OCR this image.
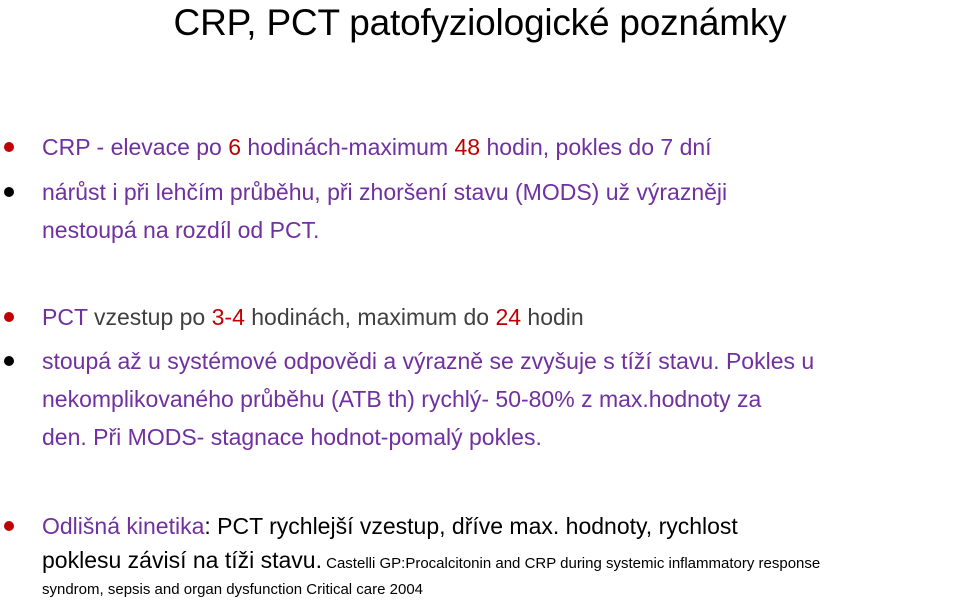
CRP, PCT patofyziologické poznámky
CRP - elevace po 6 hodinách-maximum 48 hodin, pokles do 7 dní
nárůst i při lehčím průběhu, při zhoršení stavu (MODS) už výrazněji
nestoupá na rozdíl od PCT.
PCT vzestup po 3-4 hodinách, maximum do 24 hodin
stoupá až u systémové odpovědi a výrazně se zvyšuje s tíží stavu. Pokles u
nekomplikovaného průběhu (ATB th) rychlý- 50-80% z max.hodnoty za
den. Při MODS- stagnace hodnot-pomalý pokles.
Odlišná kinetika: PCT rychlejší vzestup, dříve max. hodnoty, rychlost
poklesu závisí na tíži stavu. Castelli GP:Procalcitonin and CRP during systemic inflammatory response
syndrom, sepsis and organ dysfunction Critical care 2004
